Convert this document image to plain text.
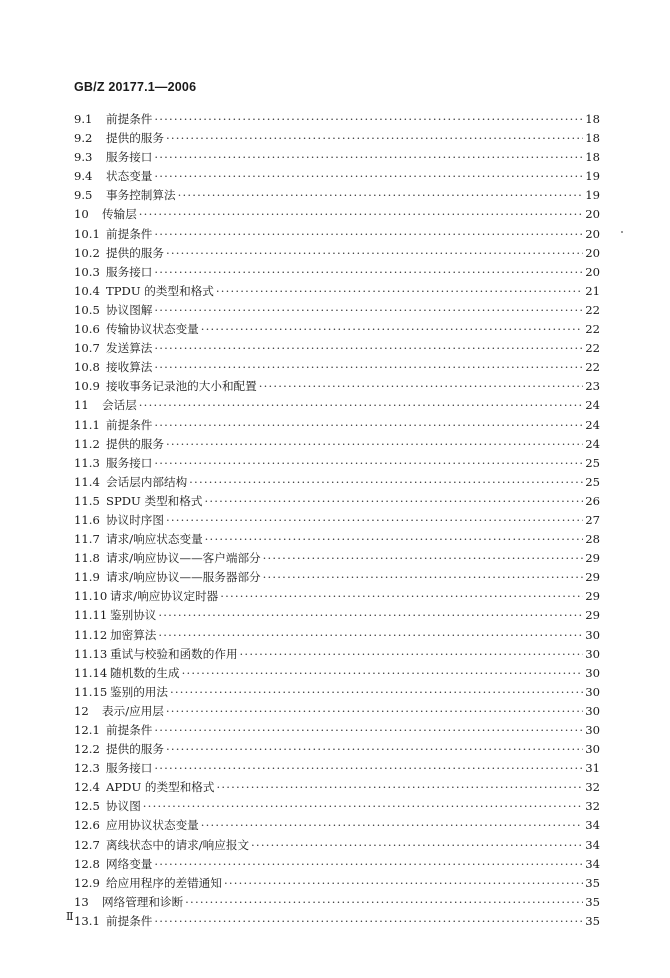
GB/Z 20177.1—2006
9.1	前提条件 ·····	18
9.2	提供的服务 ·····	18
9.3	服务接口 ·····	18
9.4	状态变量 ·····	19
9.5	事务控制算法 ·····	19
10	传输层 ·····	20
10.1 前提条件 ·····	20
10.2 提供的服务 ·····	20
10.3 服务接口 ·····	20
10.4 TPDU 的类型和格式 ·····	21
10.5 协议图解 ·····	22
10.6 传输协议状态变量 ·····	22
10.7 发送算法 ·····	22
10.8 接收算法 ·····	22
10.9 接收事务记录池的大小和配置 ·····	23
11	会话层 ·····	24
11.1 前提条件 ·····	24
11.2 提供的服务 ·····	24
11.3 服务接口 ·····	25
11.4 会话层内部结构 ·····	25
11.5 SPDU 类型和格式 ·····	26
11.6 协议时序图 ·····	27
11.7 请求/响应状态变量 ·····	28
11.8 请求/响应协议——客户端部分 ·····	29
11.9 请求/响应协议——服务器部分 ·····	29
11.10 请求/响应协议定时器 ·····	29
11.11 鉴别协议 ·····	29
11.12 加密算法 ·····	30
11.13 重试与校验和函数的作用 ·····	30
11.14 随机数的生成 ·····	30
11.15 鉴别的用法 ·····	30
12	表示/应用层 ·····	30
12.1 前提条件 ·····	30
12.2 提供的服务 ·····	30
12.3 服务接口 ·····	31
12.4 APDU 的类型和格式 ·····	32
12.5 协议图 ·····	32
12.6 应用协议状态变量 ·····	34
12.7 离线状态中的请求/响应报文 ·····	34
12.8 网络变量 ·····	34
12.9 给应用程序的差错通知 ·····	35
13	网络管理和诊断 ·····	35
13.1 前提条件 ·····	35
Ⅱ
